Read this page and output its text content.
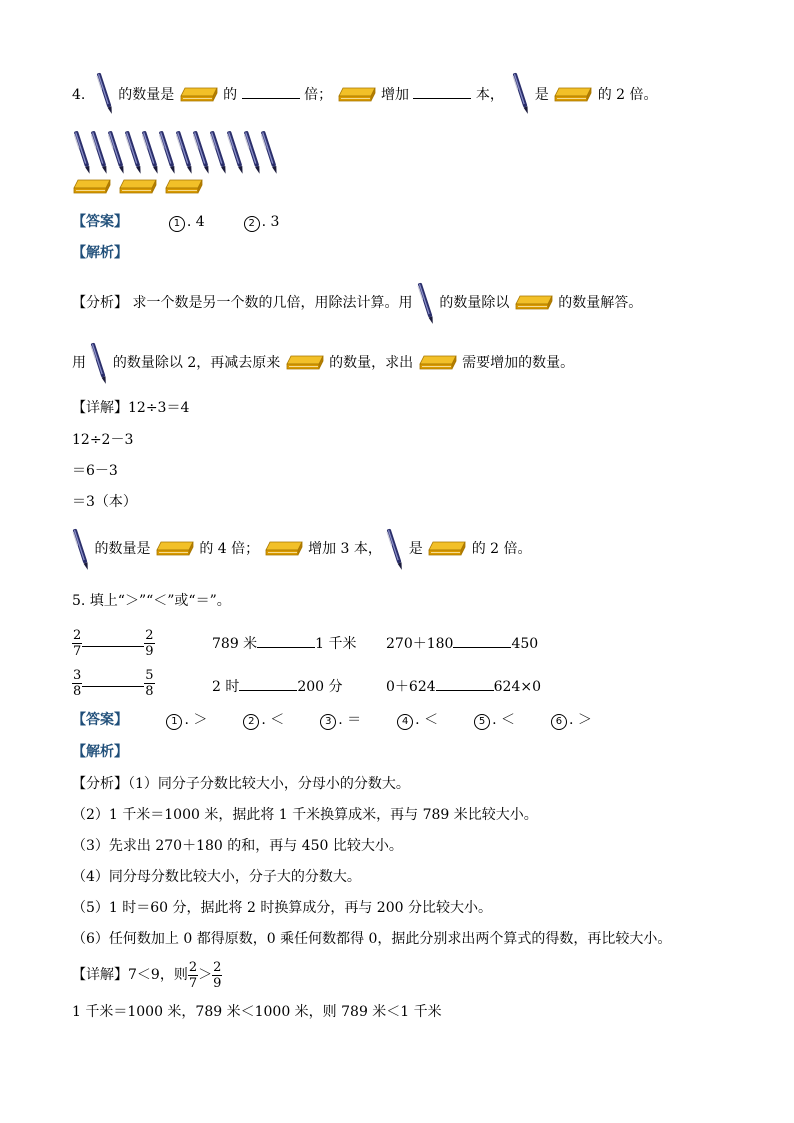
4. 的数量是	的	倍；	增加	本， 是	的 2 倍。
【答案】	1 . 4	2 . 3
【解析】
【分析】 求一个数是另一个数的几倍，用除法计算。用 的数量除以	的数量解答。
用 的数量除以 2，再减去原来	的数量，求出	需要增加的数量。
【详解】12÷3＝4
12÷2－3
＝6－3
＝3（本）
的数量是	的 4 倍；	增加 3 本， 是	的 2 倍。
5. 填上“＞”“＜”或“＝”。
$\frac{2}{7}$	$\frac{2}{9}$	789 米	1 千米 270＋180	450
$\frac{3}{8}$	$\frac{5}{8}$	2 时	200 分	0＋624	624×0
【答案】	1 . ＞	2 . ＜	3 . ＝	4 . ＜	5 . ＜	6 . ＞
【解析】
【分析】（1）同分子分数比较大小，分母小的分数大。
（2）1 千米＝1000 米，据此将 1 千米换算成米，再与 789 米比较大小。
（3）先求出 270＋180 的和，再与 450 比较大小。
（4）同分母分数比较大小，分子大的分数大。
（5）1 时＝60 分，据此将 2 时换算成分，再与 200 分比较大小。
（6）任何数加上 0 都得原数，0 乘任何数都得 0，据此分别求出两个算式的得数，再比较大小。
【详解】7＜9，则 $\frac{2}{7} > \frac{2}{9}$
1 千米＝1000 米，789 米＜1000 米，则 789 米＜1 千米
